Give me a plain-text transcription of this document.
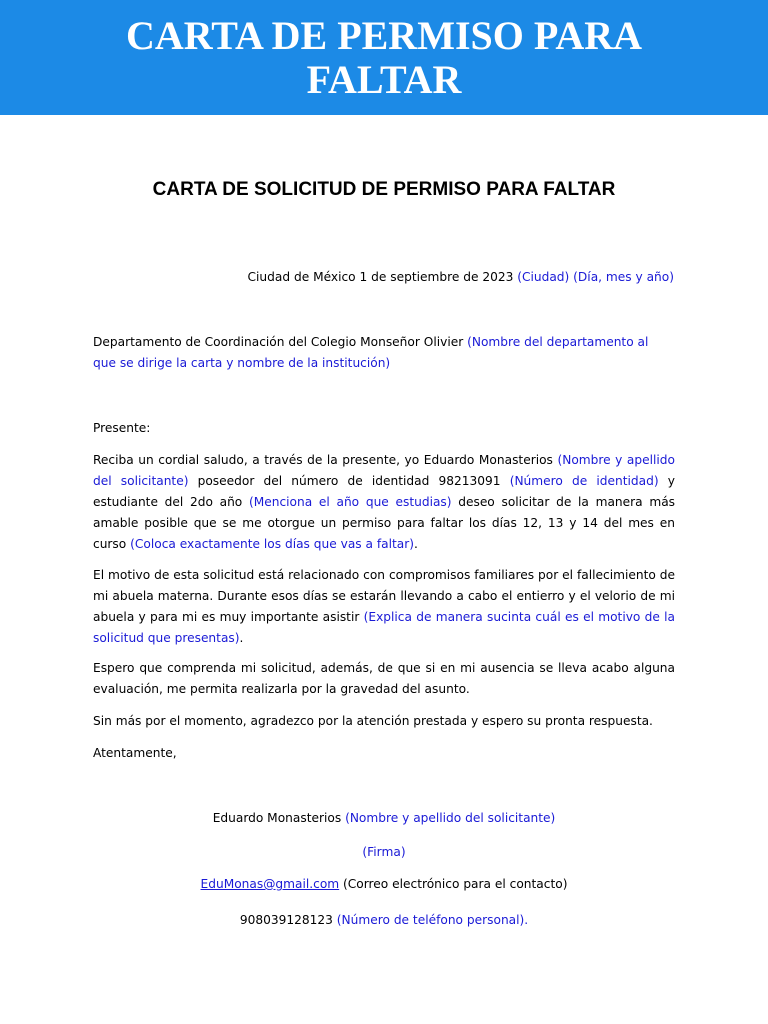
CARTA DE PERMISO PARA FALTAR
CARTA DE SOLICITUD DE PERMISO PARA FALTAR
Ciudad de México 1 de septiembre de 2023 (Ciudad) (Día, mes y año)

Departamento de Coordinación del Colegio Monseñor Olivier (Nombre del departamento al que se dirige la carta y nombre de la institución)

Presente:

Reciba un cordial saludo, a través de la presente, yo Eduardo Monasterios (Nombre y apellido del solicitante) poseedor del número de identidad 98213091 (Número de identidad) y estudiante del 2do año (Menciona el año que estudias) deseo solicitar de la manera más amable posible que se me otorgue un permiso para faltar los días 12, 13 y 14 del mes en curso (Coloca exactamente los días que vas a faltar).

El motivo de esta solicitud está relacionado con compromisos familiares por el fallecimiento de mi abuela materna. Durante esos días se estarán llevando a cabo el entierro y el velorio de mi abuela y para mi es muy importante asistir (Explica de manera sucinta cuál es el motivo de la solicitud que presentas).

Espero que comprenda mi solicitud, además, de que si en mi ausencia se lleva acabo alguna evaluación, me permita realizarla por la gravedad del asunto.

Sin más por el momento, agradezco por la atención prestada y espero su pronta respuesta.

Atentamente,

Eduardo Monasterios (Nombre y apellido del solicitante)
(Firma)
EduMonas@gmail.com (Correo electrónico para el contacto)
908039128123 (Número de teléfono personal).
